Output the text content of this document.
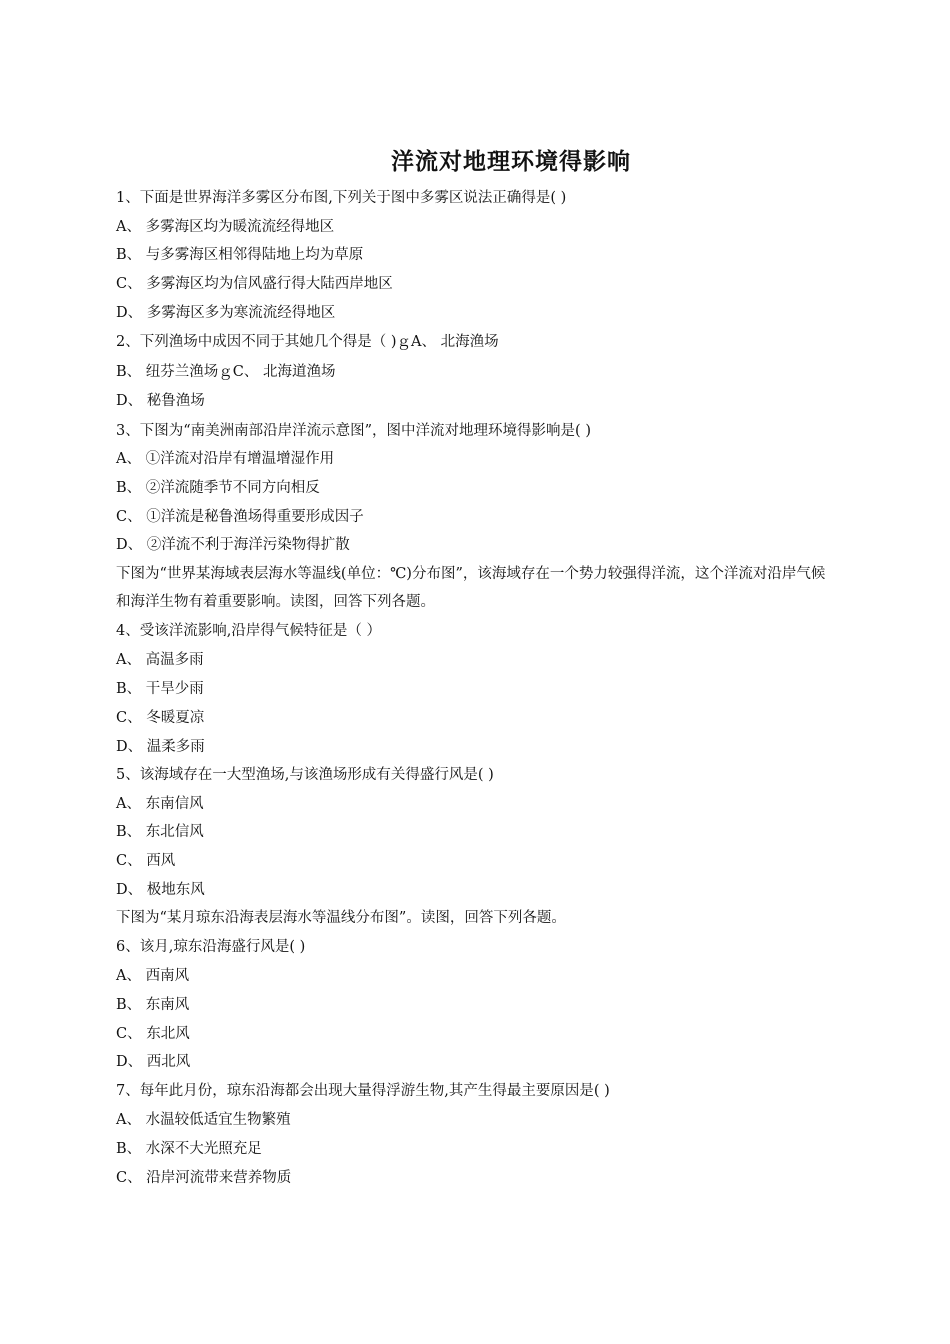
洋流对地理环境得影响
1、下面是世界海洋多雾区分布图,下列关于图中多雾区说法正确得是( )
A、 多雾海区均为暖流流经得地区
B、 与多雾海区相邻得陆地上均为草原
C、 多雾海区均为信风盛行得大陆西岸地区
D、 多雾海区多为寒流流经得地区
2、下列渔场中成因不同于其她几个得是（ )ｇA、 北海渔场
B、 纽芬兰渔场ｇC、 北海道渔场
D、 秘鲁渔场
3、下图为“南美洲南部沿岸洋流示意图”，图中洋流对地理环境得影响是( )
A、 ①洋流对沿岸有增温增湿作用
B、 ②洋流随季节不同方向相反
C、 ①洋流是秘鲁渔场得重要形成因子
D、 ②洋流不利于海洋污染物得扩散
下图为“世界某海域表层海水等温线(单位：℃)分布图”，该海域存在一个势力较强得洋流，这个洋流对沿岸气候和海洋生物有着重要影响。读图，回答下列各题。
4、受该洋流影响,沿岸得气候特征是（ ）
A、 高温多雨
B、 干旱少雨
C、 冬暖夏凉
D、 温柔多雨
5、该海域存在一大型渔场,与该渔场形成有关得盛行风是( )
A、 东南信风
B、 东北信风
C、 西风
D、 极地东风
下图为“某月琼东沿海表层海水等温线分布图”。读图，回答下列各题。
6、该月,琼东沿海盛行风是( )
A、 西南风
B、 东南风
C、 东北风
D、 西北风
7、每年此月份，琼东沿海都会出现大量得浮游生物,其产生得最主要原因是( )
A、 水温较低适宜生物繁殖
B、 水深不大光照充足
C、 沿岸河流带来营养物质
